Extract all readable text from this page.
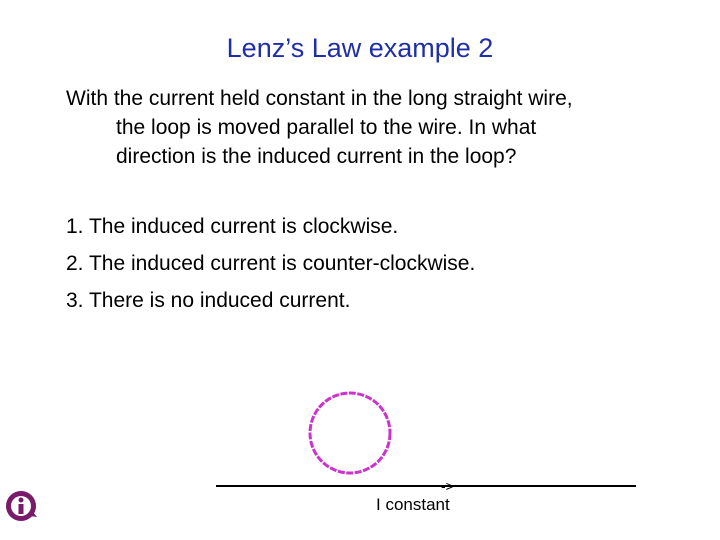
Lenz’s Law example 2
With the current held constant in the long straight wire,
the loop is moved parallel to the wire. In what
direction is the induced current in the loop?
1. The induced current is clockwise.
2. The induced current is counter-clockwise.
3. There is no induced current.
->
I constant
